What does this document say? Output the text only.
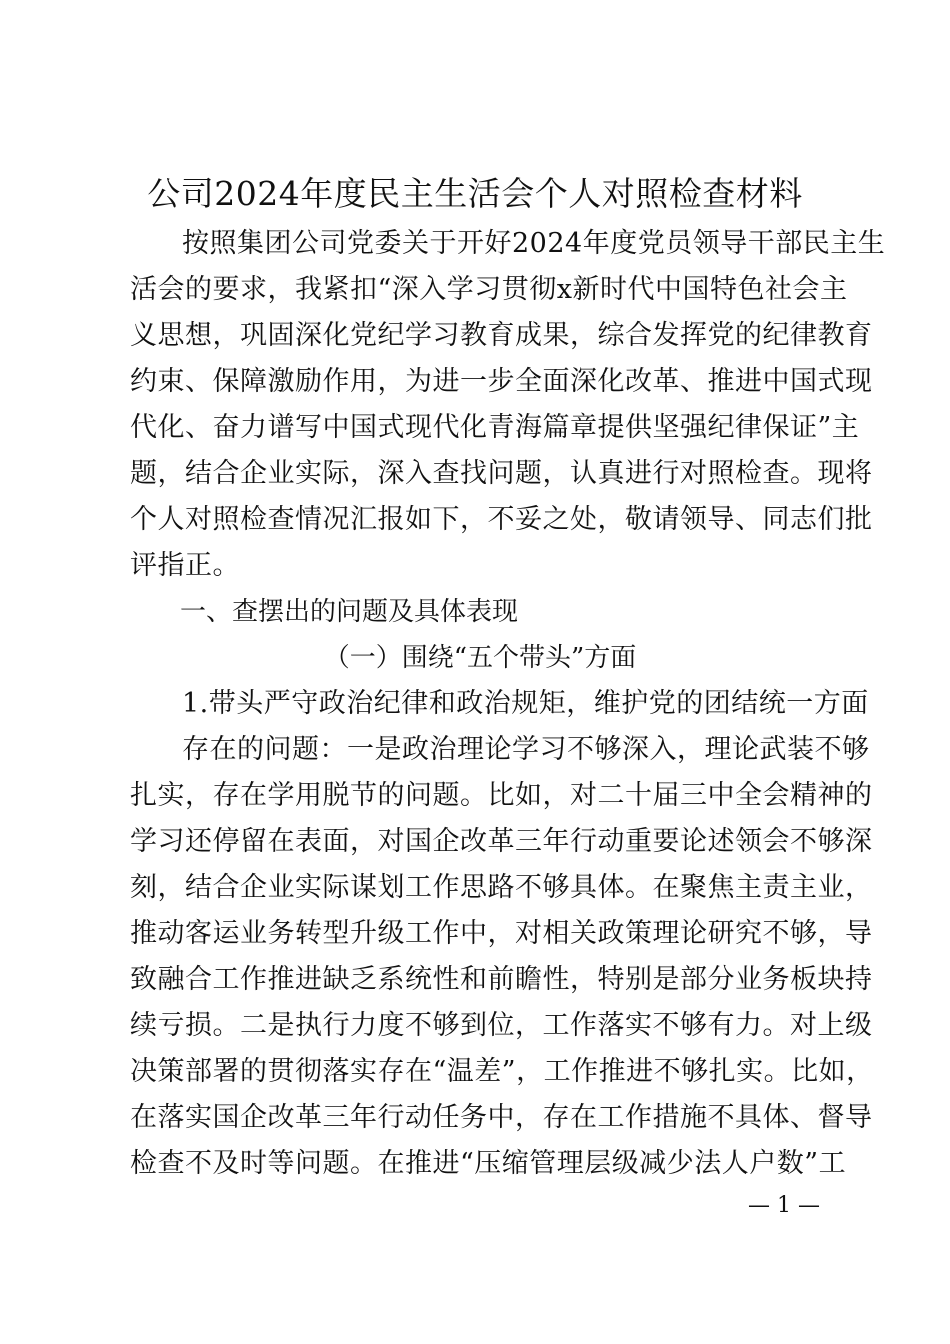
公司2024年度民主生活会个人对照检查材料
按照集团公司党委关于开好2024年度党员领导干部民主生
活会的要求，我紧扣“深入学习贯彻x新时代中国特色社会主
义思想，巩固深化党纪学习教育成果，综合发挥党的纪律教育
约束、保障激励作用，为进一步全面深化改革、推进中国式现
代化、奋力谱写中国式现代化青海篇章提供坚强纪律保证”主
题，结合企业实际，深入查找问题，认真进行对照检查。现将
个人对照检查情况汇报如下，不妥之处，敬请领导、同志们批
评指正。
一、查摆出的问题及具体表现
（一）围绕“五个带头”方面
1.带头严守政治纪律和政治规矩，维护党的团结统一方面
存在的问题：一是政治理论学习不够深入，理论武装不够
扎实，存在学用脱节的问题。比如，对二十届三中全会精神的
学习还停留在表面，对国企改革三年行动重要论述领会不够深
刻，结合企业实际谋划工作思路不够具体。在聚焦主责主业，
推动客运业务转型升级工作中，对相关政策理论研究不够，导
致融合工作推进缺乏系统性和前瞻性，特别是部分业务板块持
续亏损。二是执行力度不够到位，工作落实不够有力。对上级
决策部署的贯彻落实存在“温差”，工作推进不够扎实。比如，
在落实国企改革三年行动任务中，存在工作措施不具体、督导
检查不及时等问题。在推进“压缩管理层级减少法人户数”工
— 1 —
